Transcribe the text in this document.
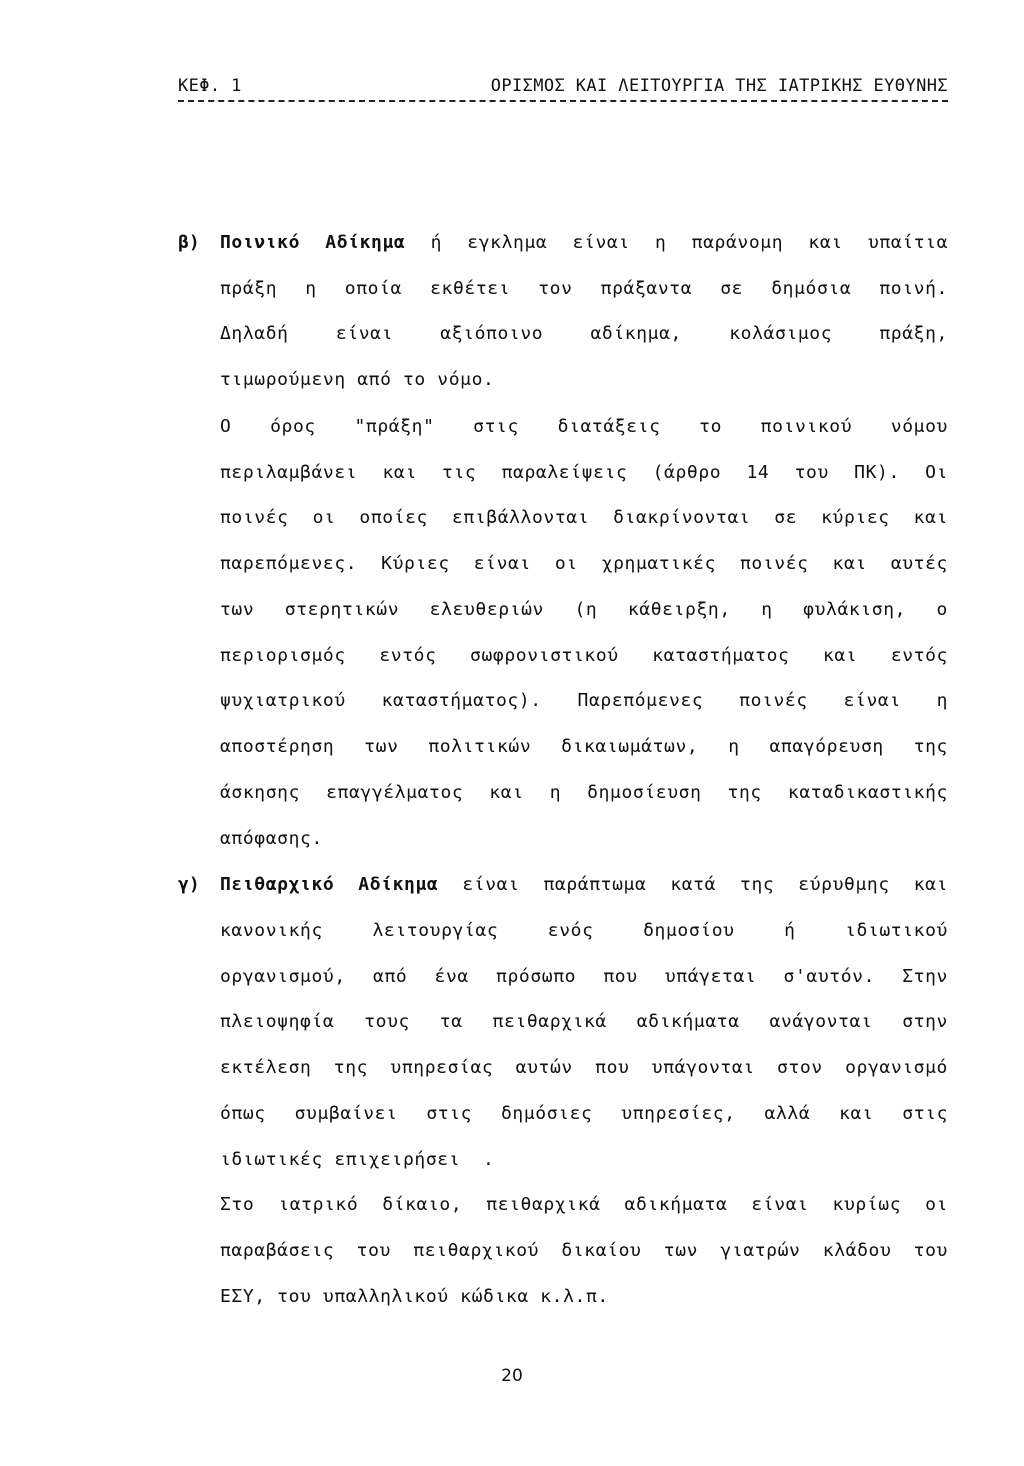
ΚΕΦ. 1	ΟΡΙΣΜΟΣ ΚΑΙ ΛΕΙΤΟΥΡΓΙΑ ΤΗΣ ΙΑΤΡΙΚΗΣ ΕΥΘΥΝΗΣ
β) Ποινικό Αδίκημα ή εγκλημα είναι η παράνομη και υπαίτια
πράξη η οποία εκθέτει τον πράξαντα σε δημόσια ποινή.
Δηλαδή είναι αξιόποινο αδίκημα, κολάσιμος πράξη,
τιμωρούμενη από το νόμο.
Ο όρος "πράξη" στις διατάξεις το ποινικού νόμου
περιλαμβάνει και τις παραλείψεις (άρθρο 14 του ΠΚ). Οι
ποινές οι οποίες επιβάλλονται διακρίνονται σε κύριες και
παρεπόμενες. Κύριες είναι οι χρηματικές ποινές και αυτές
των στερητικών ελευθεριών (η κάθειρξη, η φυλάκιση, ο
περιορισμός εντός σωφρονιστικού καταστήματος και εντός
ψυχιατρικού καταστήματος). Παρεπόμενες ποινές είναι η
αποστέρηση των πολιτικών δικαιωμάτων, η απαγόρευση της
άσκησης επαγγέλματος και η δημοσίευση της καταδικαστικής
απόφασης.
γ) Πειθαρχικό Αδίκημα είναι παράπτωμα κατά της εύρυθμης και
κανονικής λειτουργίας ενός δημοσίου ή ιδιωτικού
οργανισμού, από ένα πρόσωπο που υπάγεται σ'αυτόν. Στην
πλειοψηφία τους τα πειθαρχικά αδικήματα ανάγονται στην
εκτέλεση της υπηρεσίας αυτών που υπάγονται στον οργανισμό
όπως συμβαίνει στις δημόσιες υπηρεσίες, αλλά και στις
ιδιωτικές επιχειρήσει  .
Στο ιατρικό δίκαιο, πειθαρχικά αδικήματα είναι κυρίως οι
παραβάσεις του πειθαρχικού δικαίου των γιατρών κλάδου του
ΕΣΥ, του υπαλληλικού κώδικα κ.λ.π.
20
